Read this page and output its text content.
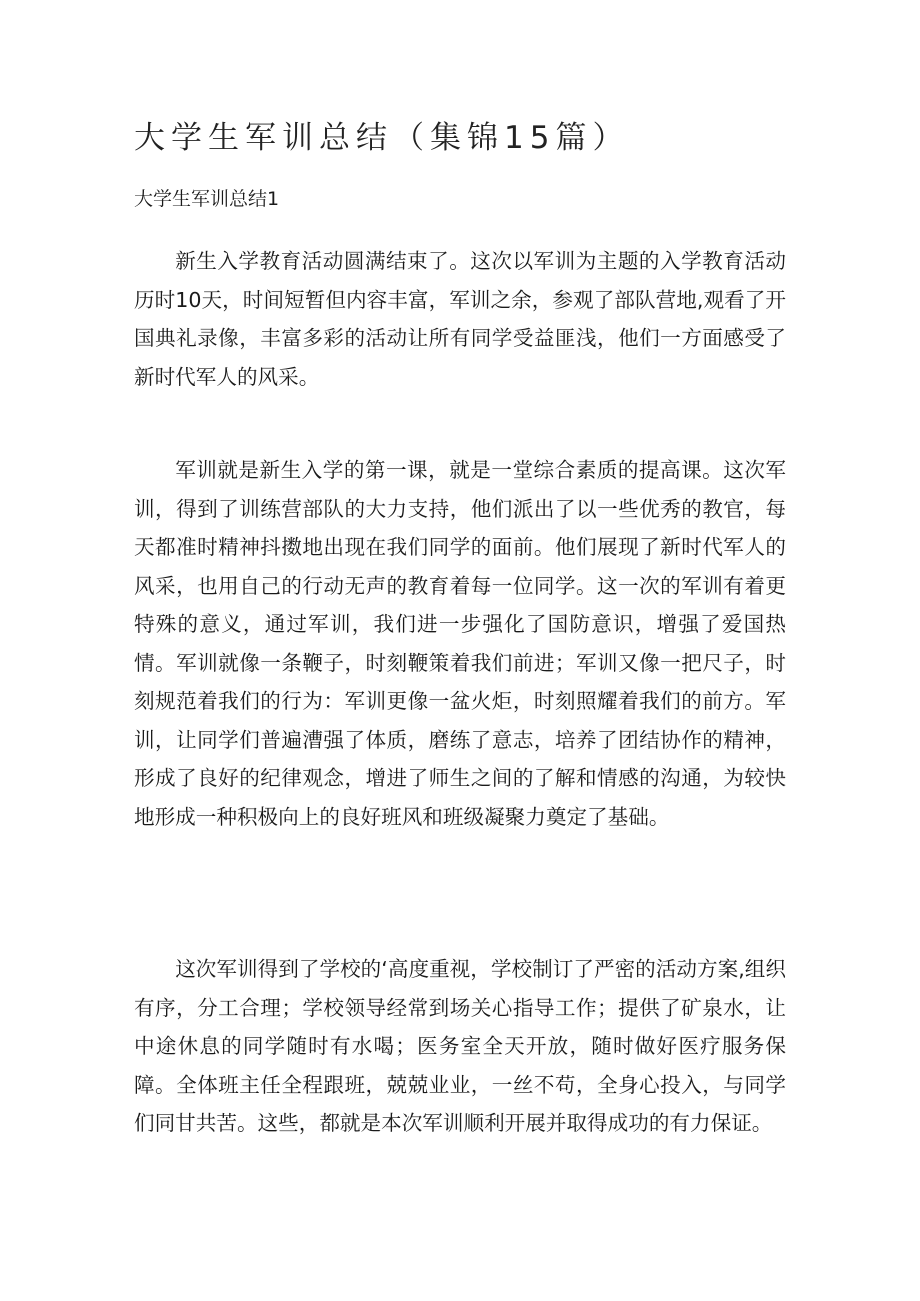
大学生军训总结（集锦15篇）
大学生军训总结1

新生入学教育活动圆满结束了。这次以军训为主题的入学教育活动历时10天，时间短暂但内容丰富，军训之余，参观了部队营地,观看了开国典礼录像，丰富多彩的活动让所有同学受益匪浅，他们一方面感受了新时代军人的风采。

军训就是新生入学的第一课，就是一堂综合素质的提高课。这次军训，得到了训练营部队的大力支持，他们派出了以一些优秀的教官，每天都准时精神抖擞地出现在我们同学的面前。他们展现了新时代军人的风采，也用自己的行动无声的教育着每一位同学。这一次的军训有着更特殊的意义，通过军训，我们进一步强化了国防意识，增强了爱国热情。军训就像一条鞭子，时刻鞭策着我们前进；军训又像一把尺子，时刻规范着我们的行为：军训更像一盆火炬，时刻照耀着我们的前方。军训，让同学们普遍漕强了体质，磨练了意志，培养了团结协作的精神，形成了良好的纪律观念，增进了师生之间的了解和情感的沟通，为较快地形成一种积极向上的良好班风和班级凝聚力奠定了基础。

这次军训得到了学校的‘高度重视，学校制订了严密的活动方案,组织有序，分工合理；学校领导经常到场关心指导工作；提供了矿泉水，让中途休息的同学随时有水喝；医务室全天开放，随时做好医疗服务保障。全体班主任全程跟班，兢兢业业，一丝不苟，全身心投入，与同学们同甘共苦。这些，都就是本次军训顺利开展并取得成功的有力保证。
